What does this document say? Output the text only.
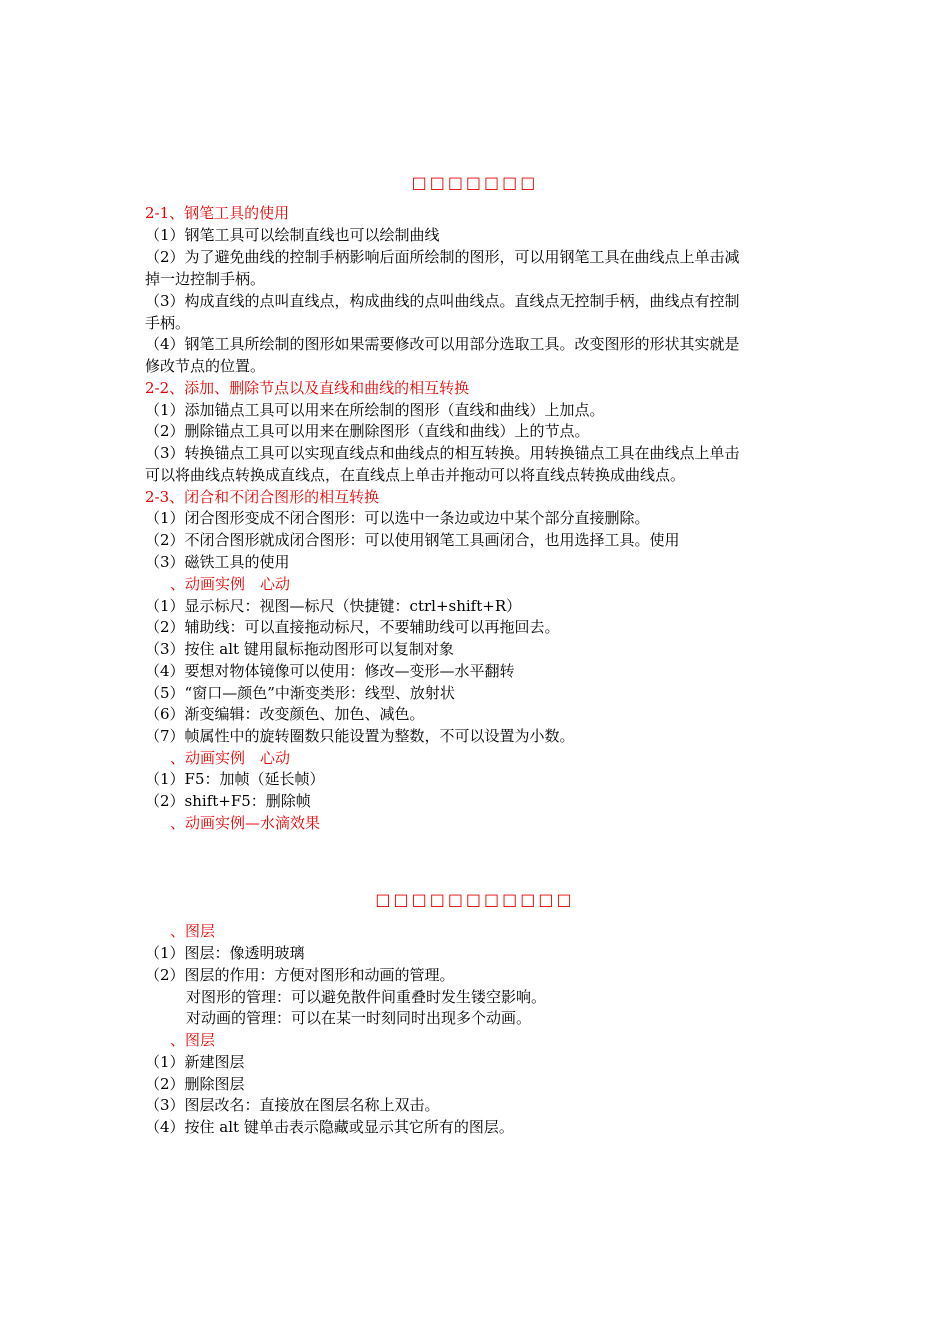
□□□□□□□
2-1、钢笔工具的使用
（1）钢笔工具可以绘制直线也可以绘制曲线
（2）为了避免曲线的控制手柄影响后面所绘制的图形，可以用钢笔工具在曲线点上单击减
掉一边控制手柄。
（3）构成直线的点叫直线点，构成曲线的点叫曲线点。直线点无控制手柄，曲线点有控制
手柄。
（4）钢笔工具所绘制的图形如果需要修改可以用部分选取工具。改变图形的形状其实就是
修改节点的位置。
2-2、添加、删除节点以及直线和曲线的相互转换
（1）添加锚点工具可以用来在所绘制的图形（直线和曲线）上加点。
（2）删除锚点工具可以用来在删除图形（直线和曲线）上的节点。
（3）转换锚点工具可以实现直线点和曲线点的相互转换。用转换锚点工具在曲线点上单击
可以将曲线点转换成直线点，在直线点上单击并拖动可以将直线点转换成曲线点。
2-3、闭合和不闭合图形的相互转换
（1）闭合图形变成不闭合图形：可以选中一条边或边中某个部分直接删除。
（2）不闭合图形就成闭合图形：可以使用钢笔工具画闭合，也用选择工具。使用
（3）磁铁工具的使用
、动画实例　心动
（1）显示标尺：视图—标尺（快捷键：ctrl+shift+R）
（2）辅助线：可以直接拖动标尺，不要辅助线可以再拖回去。
（3）按住 alt 键用鼠标拖动图形可以复制对象
（4）要想对物体镜像可以使用：修改—变形—水平翻转
（5）“窗口—颜色”中渐变类形：线型、放射状
（6）渐变编辑：改变颜色、加色、减色。
（7）帧属性中的旋转圈数只能设置为整数，不可以设置为小数。
、动画实例　心动
（1）F5：加帧（延长帧）
（2）shift+F5：删除帧
、动画实例—水滴效果
□□□□□□□□□□□
、图层
（1）图层：像透明玻璃
（2）图层的作用：方便对图形和动画的管理。
对图形的管理：可以避免散件间重叠时发生镂空影响。
对动画的管理：可以在某一时刻同时出现多个动画。
、图层
（1）新建图层
（2）删除图层
（3）图层改名：直接放在图层名称上双击。
（4）按住 alt 键单击表示隐藏或显示其它所有的图层。
